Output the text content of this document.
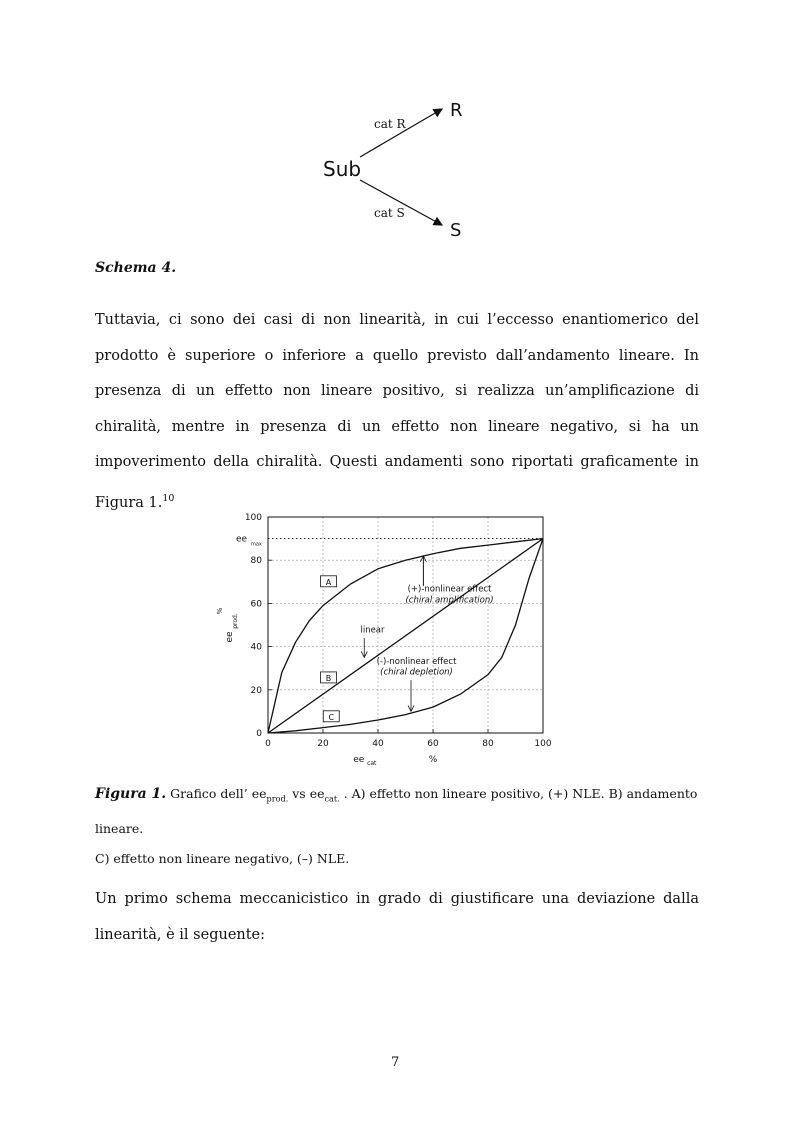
Sub
R
S
cat R
cat S
Schema 4.
Tuttavia, ci sono dei casi di non linearità, in cui l’eccesso enantiomerico del prodotto è superiore o inferiore a quello previsto dall’andamento lineare. In presenza di un effetto non lineare positivo, si realizza un’amplificazione di chiralità, mentre in presenza di un effetto non lineare negativo, si ha un impoverimento della chiralità. Questi andamenti sono riportati graficamente in Figura 1.10
0
0
20
20
40
40
60
60
80
80
100
100
ee max
A
B
C
(+)-nonlinear effect
(chiral amplification)
linear
(-)-nonlinear effect
(chiral depletion)
ee cat	%
ee
prod.
%
Figura 1. Grafico dell’ $ee_{prod.}$ vs $ee_{cat.}$ . A) effetto non lineare positivo, (+) NLE. B) andamento lineare.
C) effetto non lineare negativo, (–) NLE.
Un primo schema meccanicistico in grado di giustificare una deviazione dalla linearità, è il seguente:
7
